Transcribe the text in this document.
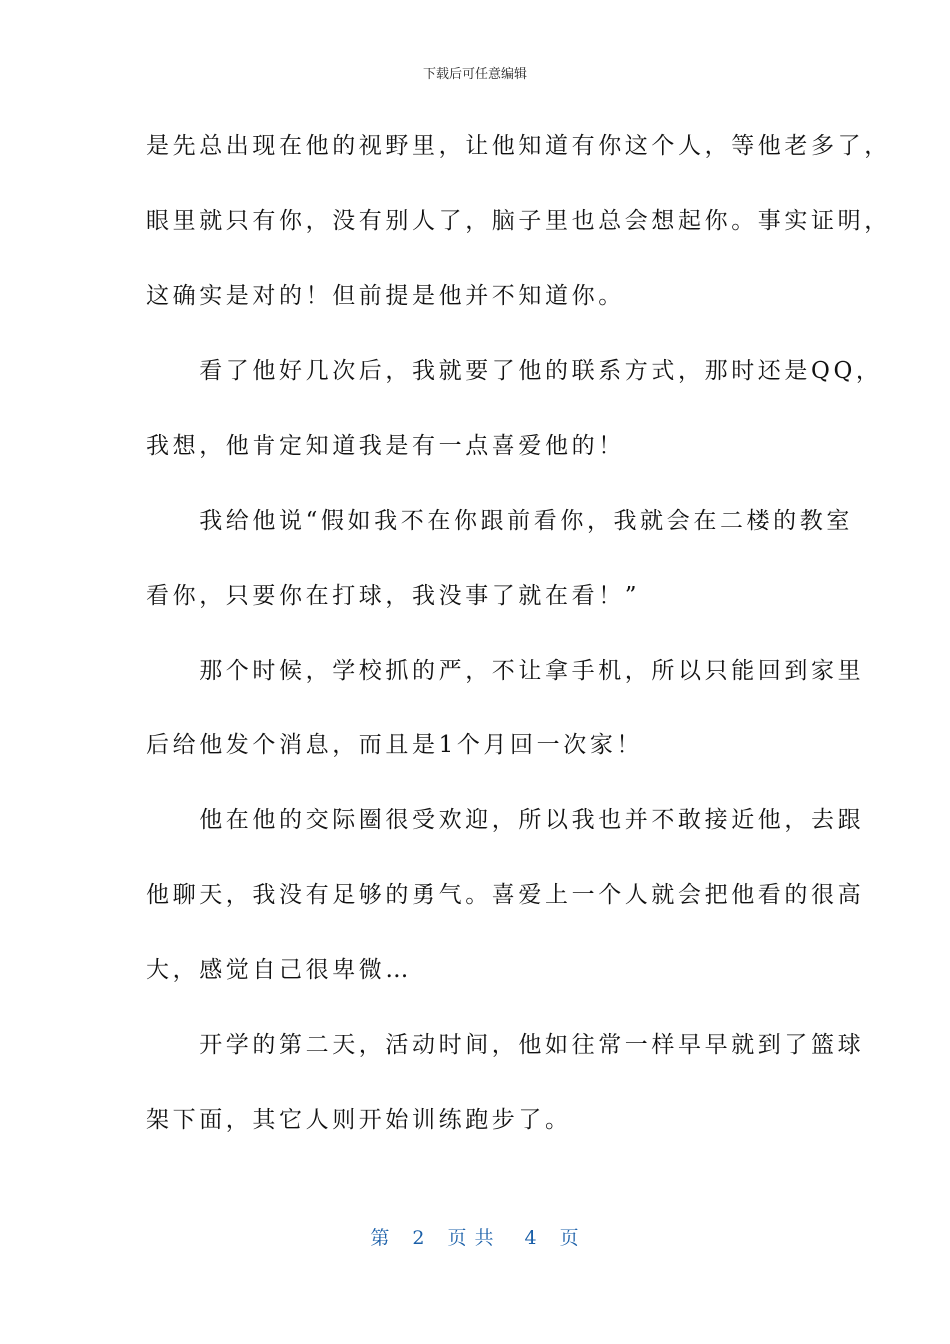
下载后可任意编辑
是先总出现在他的视野里，让他知道有你这个人，等他老多了，
眼里就只有你，没有别人了，脑子里也总会想起你。事实证明，
这确实是对的！但前提是他并不知道你。
　　看了他好几次后，我就要了他的联系方式，那时还是QQ，
我想，他肯定知道我是有一点喜爱他的！
　　我给他说“假如我不在你跟前看你，我就会在二楼的教室
看你，只要你在打球，我没事了就在看！”
　　那个时候，学校抓的严，不让拿手机，所以只能回到家里
后给他发个消息，而且是1个月回一次家！
　　他在他的交际圈很受欢迎，所以我也并不敢接近他，去跟
他聊天，我没有足够的勇气。喜爱上一个人就会把他看的很高
大，感觉自己很卑微…
　　开学的第二天，活动时间，他如往常一样早早就到了篮球
架下面，其它人则开始训练跑步了。
第 2 页 共 4 页
